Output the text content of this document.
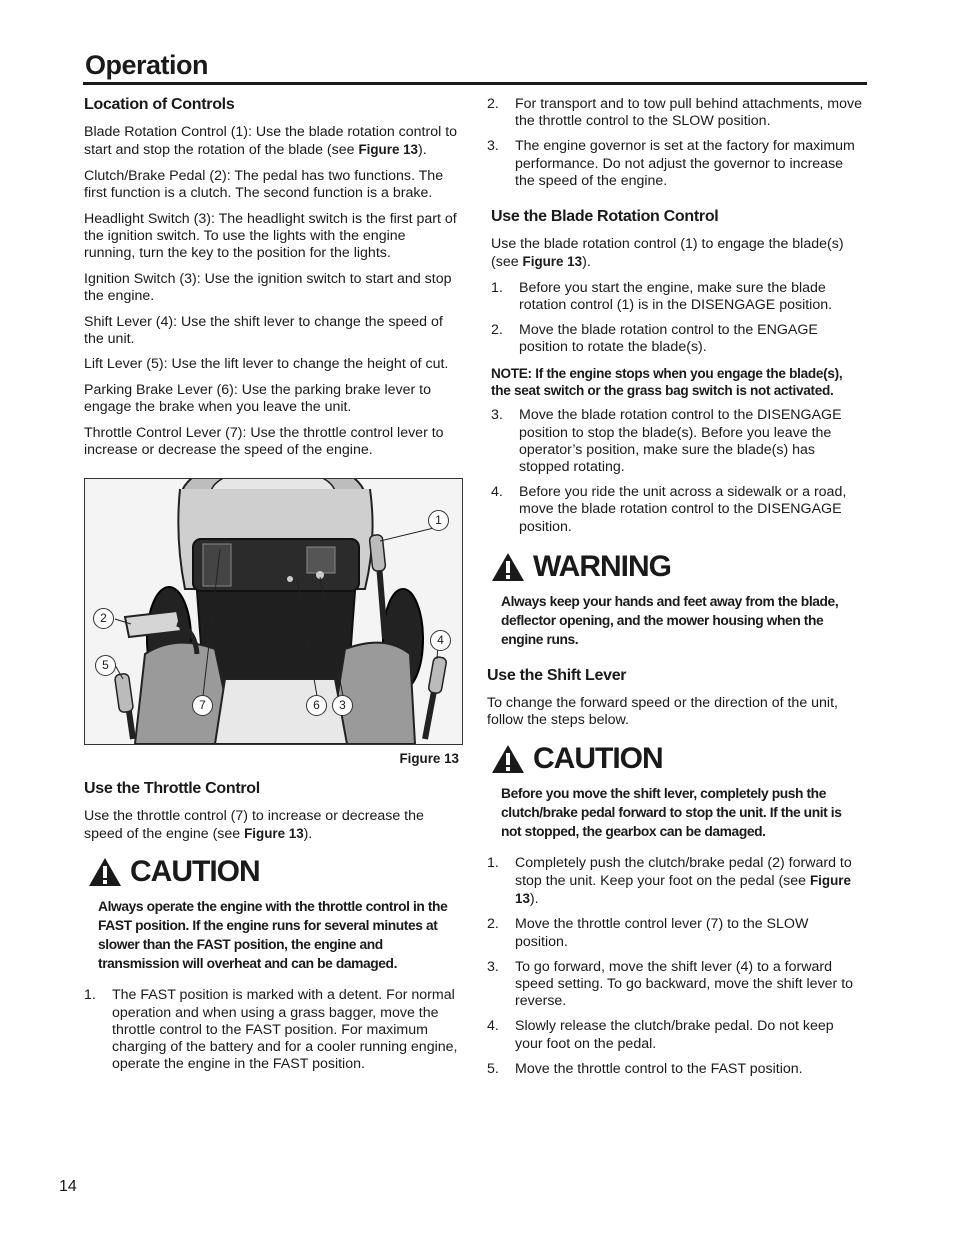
Operation
Location of Controls

Blade Rotation Control (1): Use the blade rotation control to start and stop the rotation of the blade (see Figure 13).

Clutch/Brake Pedal (2): The pedal has two functions. The first function is a clutch. The second function is a brake.

Headlight Switch (3): The headlight switch is the first part of the ignition switch. To use the lights with the engine running, turn the key to the position for the lights.

Ignition Switch (3): Use the ignition switch to start and stop the engine.

Shift Lever (4): Use the shift lever to change the speed of the unit.

Lift Lever (5): Use the lift lever to change the height of cut.

Parking Brake Lever (6): Use the parking brake lever to engage the brake when you leave the unit.

Throttle Control Lever (7): Use the throttle control lever to increase or decrease the speed of the engine.

1
2
3
4
5
6
7
Figure 13
Use the Throttle Control

Use the throttle control (7) to increase or decrease the speed of the engine (see Figure 13).

CAUTION
Always operate the engine with the throttle control in the FAST position. If the engine runs for several minutes at slower than the FAST position, the engine and transmission will overheat and can be damaged.
1. The FAST position is marked with a detent. For normal operation and when using a grass bagger, move the throttle control to the FAST position. For maximum charging of the battery and for a cooler running engine, operate the engine in the FAST position.
2. For transport and to tow pull behind attachments, move the throttle control to the SLOW position.
3. The engine governor is set at the factory for maximum performance. Do not adjust the governor to increase the speed of the engine.
Use the Blade Rotation Control

Use the blade rotation control (1) to engage the blade(s) (see Figure 13).

1. Before you start the engine, make sure the blade rotation control (1) is in the DISENGAGE position.
2. Move the blade rotation control to the ENGAGE position to rotate the blade(s).
NOTE: If the engine stops when you engage the blade(s), the seat switch or the grass bag switch is not activated.
3. Move the blade rotation control to the DISENGAGE position to stop the blade(s). Before you leave the operator’s position, make sure the blade(s) has stopped rotating.
4. Before you ride the unit across a sidewalk or a road, move the blade rotation control to the DISENGAGE position.
WARNING
Always keep your hands and feet away from the blade, deflector opening, and the mower housing when the engine runs.
Use the Shift Lever

To change the forward speed or the direction of the unit, follow the steps below.

CAUTION
Before you move the shift lever, completely push the clutch/brake pedal forward to stop the unit. If the unit is not stopped, the gearbox can be damaged.
1. Completely push the clutch/brake pedal (2) forward to stop the unit. Keep your foot on the pedal (see Figure 13).
2. Move the throttle control lever (7) to the SLOW position.
3. To go forward, move the shift lever (4) to a forward speed setting. To go backward, move the shift lever to reverse.
4. Slowly release the clutch/brake pedal. Do not keep your foot on the pedal.
5. Move the throttle control to the FAST position.
14
